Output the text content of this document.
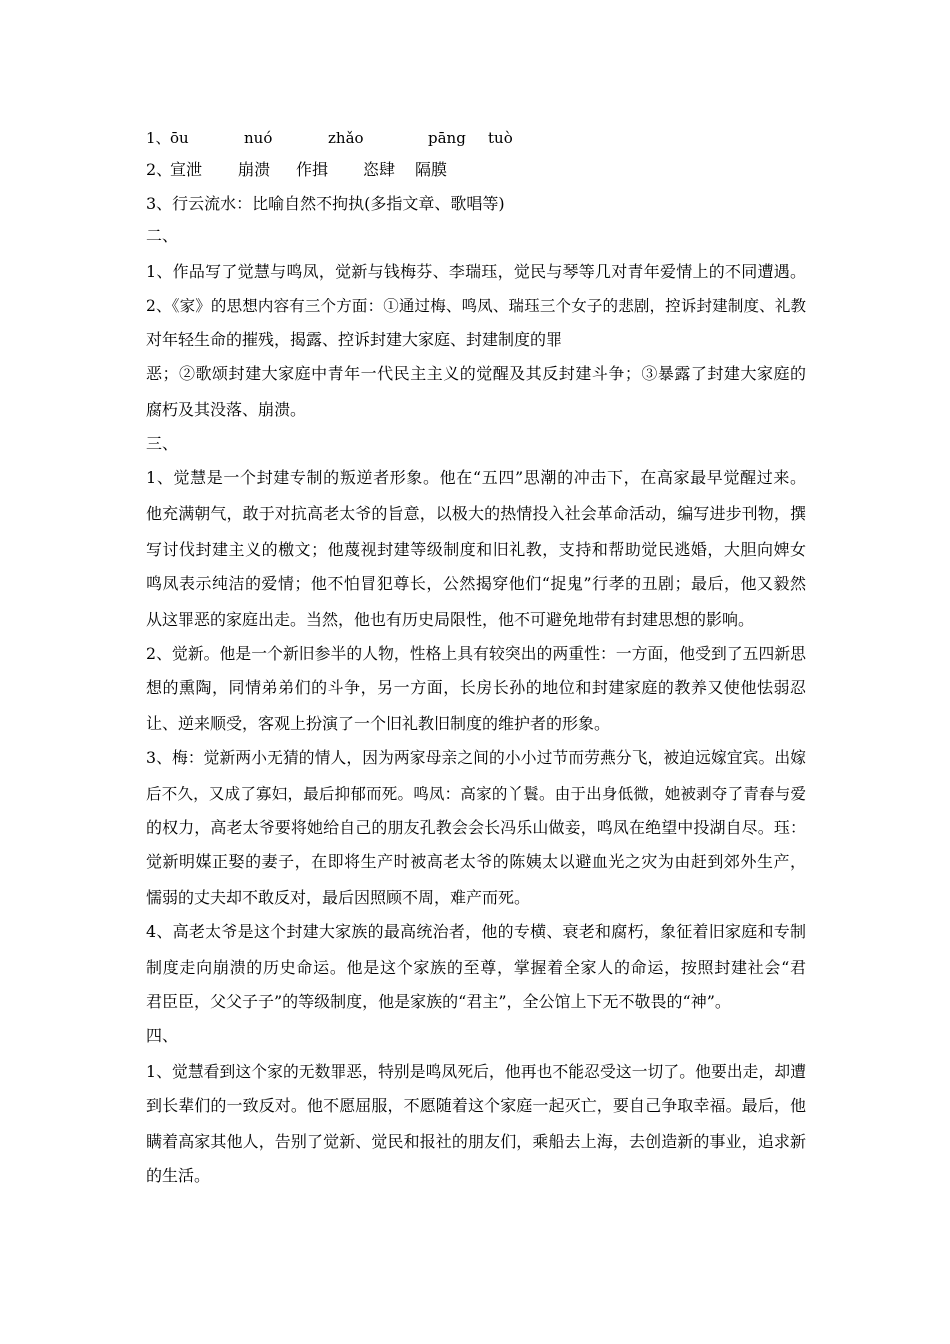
1、 ōu	nuó	zhǎo	pāng tuò
2、
宣泄 崩溃 作揖 恣肆 隔膜
3、行云流水：比喻自然不拘执(多指文章、歌唱等)
二、
1、作品写了觉慧与鸣凤，觉新与钱梅芬、李瑞珏，觉民与琴等几对青年爱情上的不同遭遇。
2、《家》的思想内容有三个方面：①通过梅、鸣凤、瑞珏三个女子的悲剧，控诉封建制度、礼教
对年轻生命的摧残，揭露、控诉封建大家庭、封建制度的罪
恶；②歌颂封建大家庭中青年一代民主主义的觉醒及其反封建斗争；③暴露了封建大家庭的
腐朽及其没落、崩溃。
三、
1、觉慧是一个封建专制的叛逆者形象。他在“五四”思潮的冲击下，在高家最早觉醒过来。
他充满朝气，敢于对抗高老太爷的旨意，以极大的热情投入社会革命活动，编写进步刊物，撰
写讨伐封建主义的檄文；他蔑视封建等级制度和旧礼教，支持和帮助觉民逃婚，大胆向婢女
鸣凤表示纯洁的爱情；他不怕冒犯尊长，公然揭穿他们“捉鬼”行孝的丑剧；最后，他又毅然
从这罪恶的家庭出走。当然，他也有历史局限性，他不可避免地带有封建思想的影响。
2、觉新。他是一个新旧参半的人物，性格上具有较突出的两重性：一方面，他受到了五四新思
想的熏陶，同情弟弟们的斗争，另一方面，长房长孙的地位和封建家庭的教养又使他怯弱忍
让、逆来顺受，客观上扮演了一个旧礼教旧制度的维护者的形象。
3、梅：觉新两小无猜的情人，因为两家母亲之间的小小过节而劳燕分飞，被迫远嫁宜宾。出嫁
后不久，又成了寡妇，最后抑郁而死。鸣凤：高家的丫鬟。由于出身低微，她被剥夺了青春与爱
的权力，高老太爷要将她给自己的朋友孔教会会长冯乐山做妾，鸣凤在绝望中投湖自尽。珏：
觉新明媒正娶的妻子，在即将生产时被高老太爷的陈姨太以避血光之灾为由赶到郊外生产，
懦弱的丈夫却不敢反对，最后因照顾不周，难产而死。
4、高老太爷是这个封建大家族的最高统治者，他的专横、衰老和腐朽，象征着旧家庭和专制
制度走向崩溃的历史命运。他是这个家族的至尊，掌握着全家人的命运，按照封建社会“君
君臣臣，父父子子”的等级制度，他是家族的“君主”，全公馆上下无不敬畏的“神”。
四、
1、觉慧看到这个家的无数罪恶，特别是鸣凤死后，他再也不能忍受这一切了。他要出走，却遭
到长辈们的一致反对。他不愿屈服，不愿随着这个家庭一起灭亡，要自己争取幸福。最后，他
瞒着高家其他人，告别了觉新、觉民和报社的朋友们，乘船去上海，去创造新的事业，追求新
的生活。
